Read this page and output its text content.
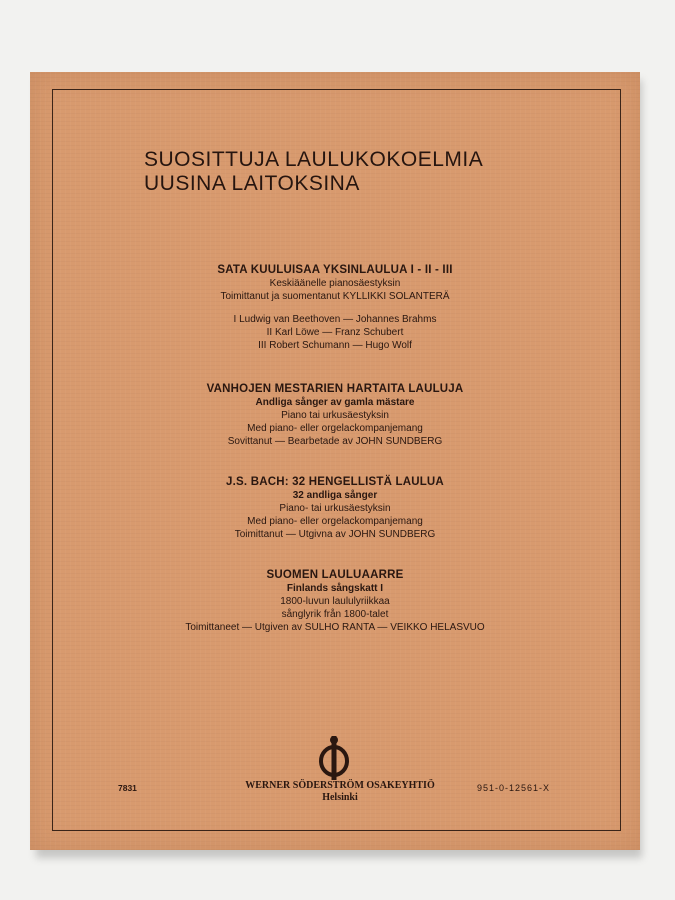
SUOSITTUJA LAULUKOKOELMIA
UUSINA LAITOKSINA
SATA KUULUISAA YKSINLAULUA I - II - III
Keskiäänelle pianosäestyksin
Toimittanut ja suomentanut KYLLIKKI SOLANTERÄ
I Ludwig van Beethoven — Johannes Brahms
II Karl Löwe — Franz Schubert
III Robert Schumann — Hugo Wolf
VANHOJEN MESTARIEN HARTAITA LAULUJA
Andliga sånger av gamla mästare
Piano tai urkusäestyksin
Med piano- eller orgelackompanjemang
Sovittanut — Bearbetade av JOHN SUNDBERG
J.S. BACH: 32 HENGELLISTÄ LAULUA
32 andliga sånger
Piano- tai urkusäestyksin
Med piano- eller orgelackompanjemang
Toimittanut — Utgivna av JOHN SUNDBERG
SUOMEN LAULUAARRE
Finlands sångskatt I
1800-luvun laululyriikkaa
sånglyrik från 1800-talet
Toimittaneet — Utgiven av SULHO RANTA — VEIKKO HELASVUO
7831	WERNER SÖDERSTRÖM OSAKEYHTIÖ
Helsinki
951-0-12561-X
